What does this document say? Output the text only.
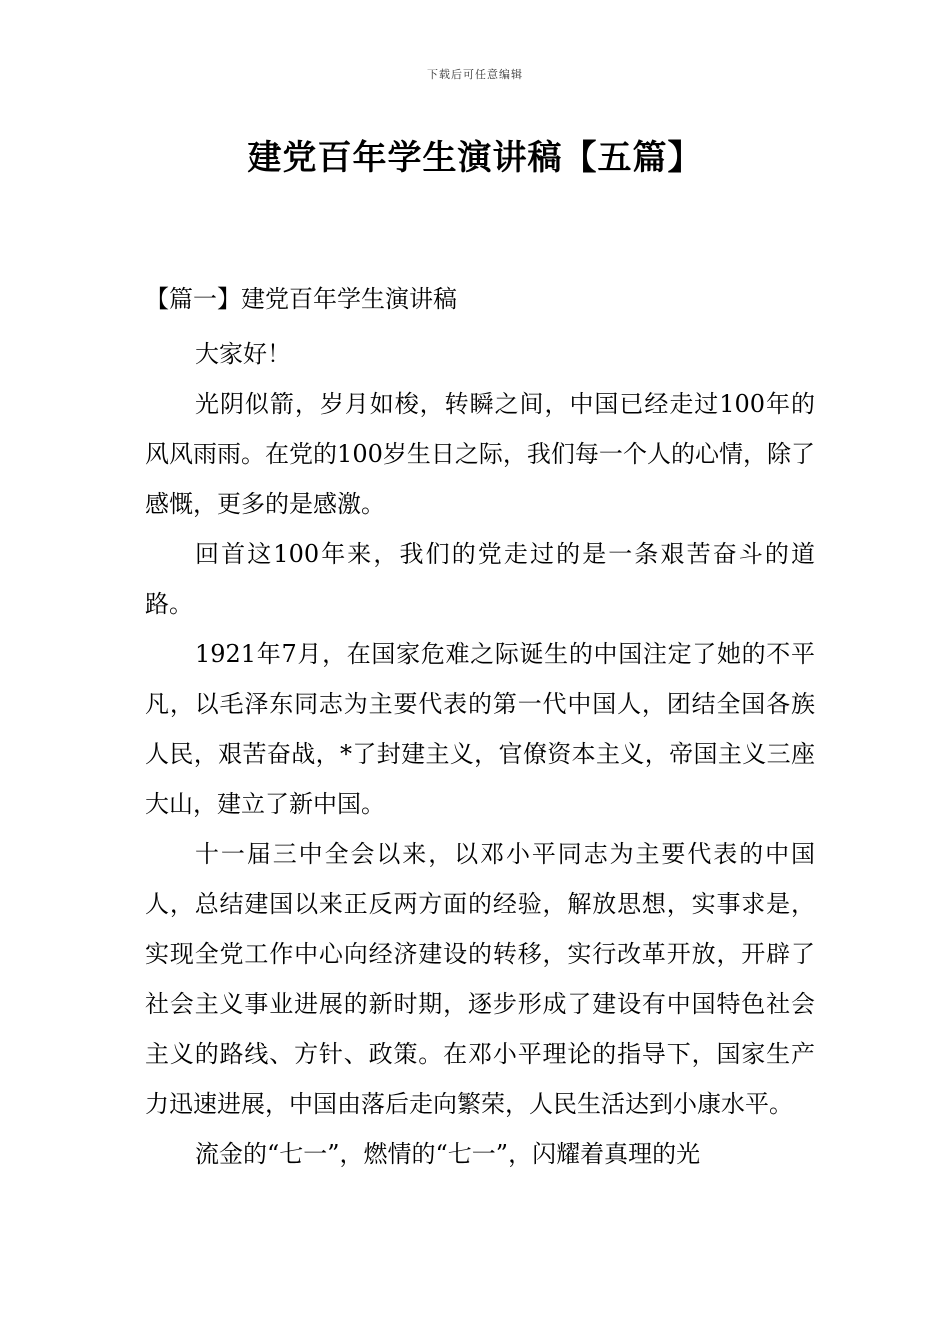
下载后可任意编辑
建党百年学生演讲稿【五篇】
【篇一】建党百年学生演讲稿

大家好！

光阴似箭，岁月如梭，转瞬之间，中国已经走过100年的风风雨雨。在党的100岁生日之际，我们每一个人的心情，除了感慨，更多的是感激。

回首这100年来，我们的党走过的是一条艰苦奋斗的道路。

1921年7月，在国家危难之际诞生的中国注定了她的不平凡，以毛泽东同志为主要代表的第一代中国人，团结全国各族人民，艰苦奋战，*了封建主义，官僚资本主义，帝国主义三座大山，建立了新中国。

十一届三中全会以来，以邓小平同志为主要代表的中国人，总结建国以来正反两方面的经验，解放思想，实事求是，实现全党工作中心向经济建设的转移，实行改革开放，开辟了社会主义事业进展的新时期，逐步形成了建设有中国特色社会主义的路线、方针、政策。在邓小平理论的指导下，国家生产力迅速进展，中国由落后走向繁荣，人民生活达到小康水平。

流金的“七一”，燃情的“七一”，闪耀着真理的光
